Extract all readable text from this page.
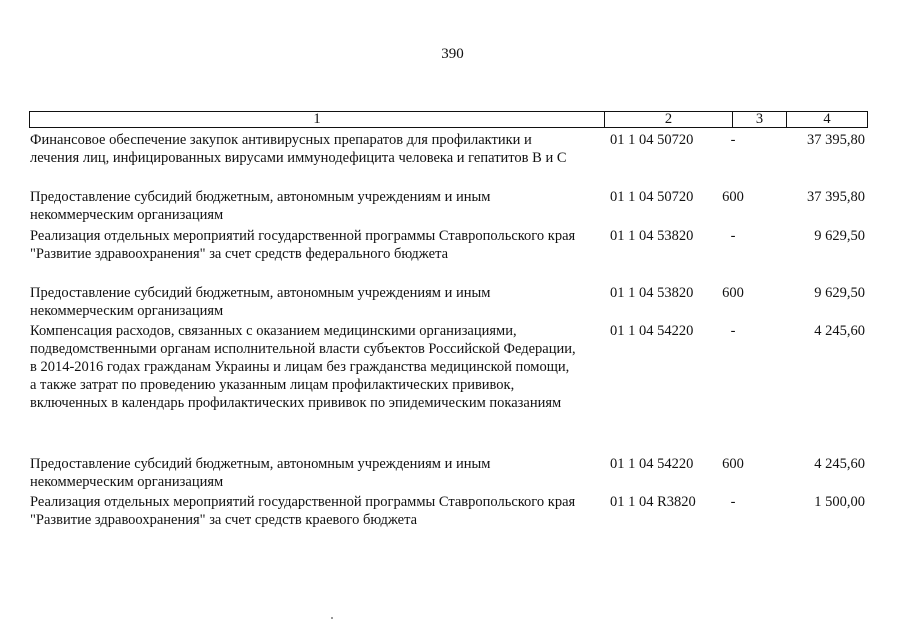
390
1	2	3	4
Финансовое обеспечение закупок антивирусных препаратов для профилактики и
лечения лиц, инфицированных вирусами иммунодефицита человека и гепатитов В и С
01 1 04 50720	-	37 395,80
Предоставление субсидий бюджетным, автономным учреждениям и иным
некоммерческим организациям
01 1 04 50720	600	37 395,80
Реализация отдельных мероприятий государственной программы Ставропольского края
"Развитие здравоохранения" за счет средств федерального бюджета
01 1 04 53820	-	9 629,50
Предоставление субсидий бюджетным, автономным учреждениям и иным
некоммерческим организациям
01 1 04 53820	600	9 629,50
Компенсация расходов, связанных с оказанием медицинскими организациями,
подведомственными органам исполнительной власти субъектов Российской Федерации,
в 2014-2016 годах гражданам Украины и лицам без гражданства медицинской помощи,
а также затрат по проведению указанным лицам профилактических прививок,
включенных в календарь профилактических прививок по эпидемическим показаниям
01 1 04 54220	-	4 245,60
Предоставление субсидий бюджетным, автономным учреждениям и иным
некоммерческим организациям
01 1 04 54220	600	4 245,60
Реализация отдельных мероприятий государственной программы Ставропольского края
"Развитие здравоохранения" за счет средств краевого бюджета
01 1 04 R3820	-	1 500,00
